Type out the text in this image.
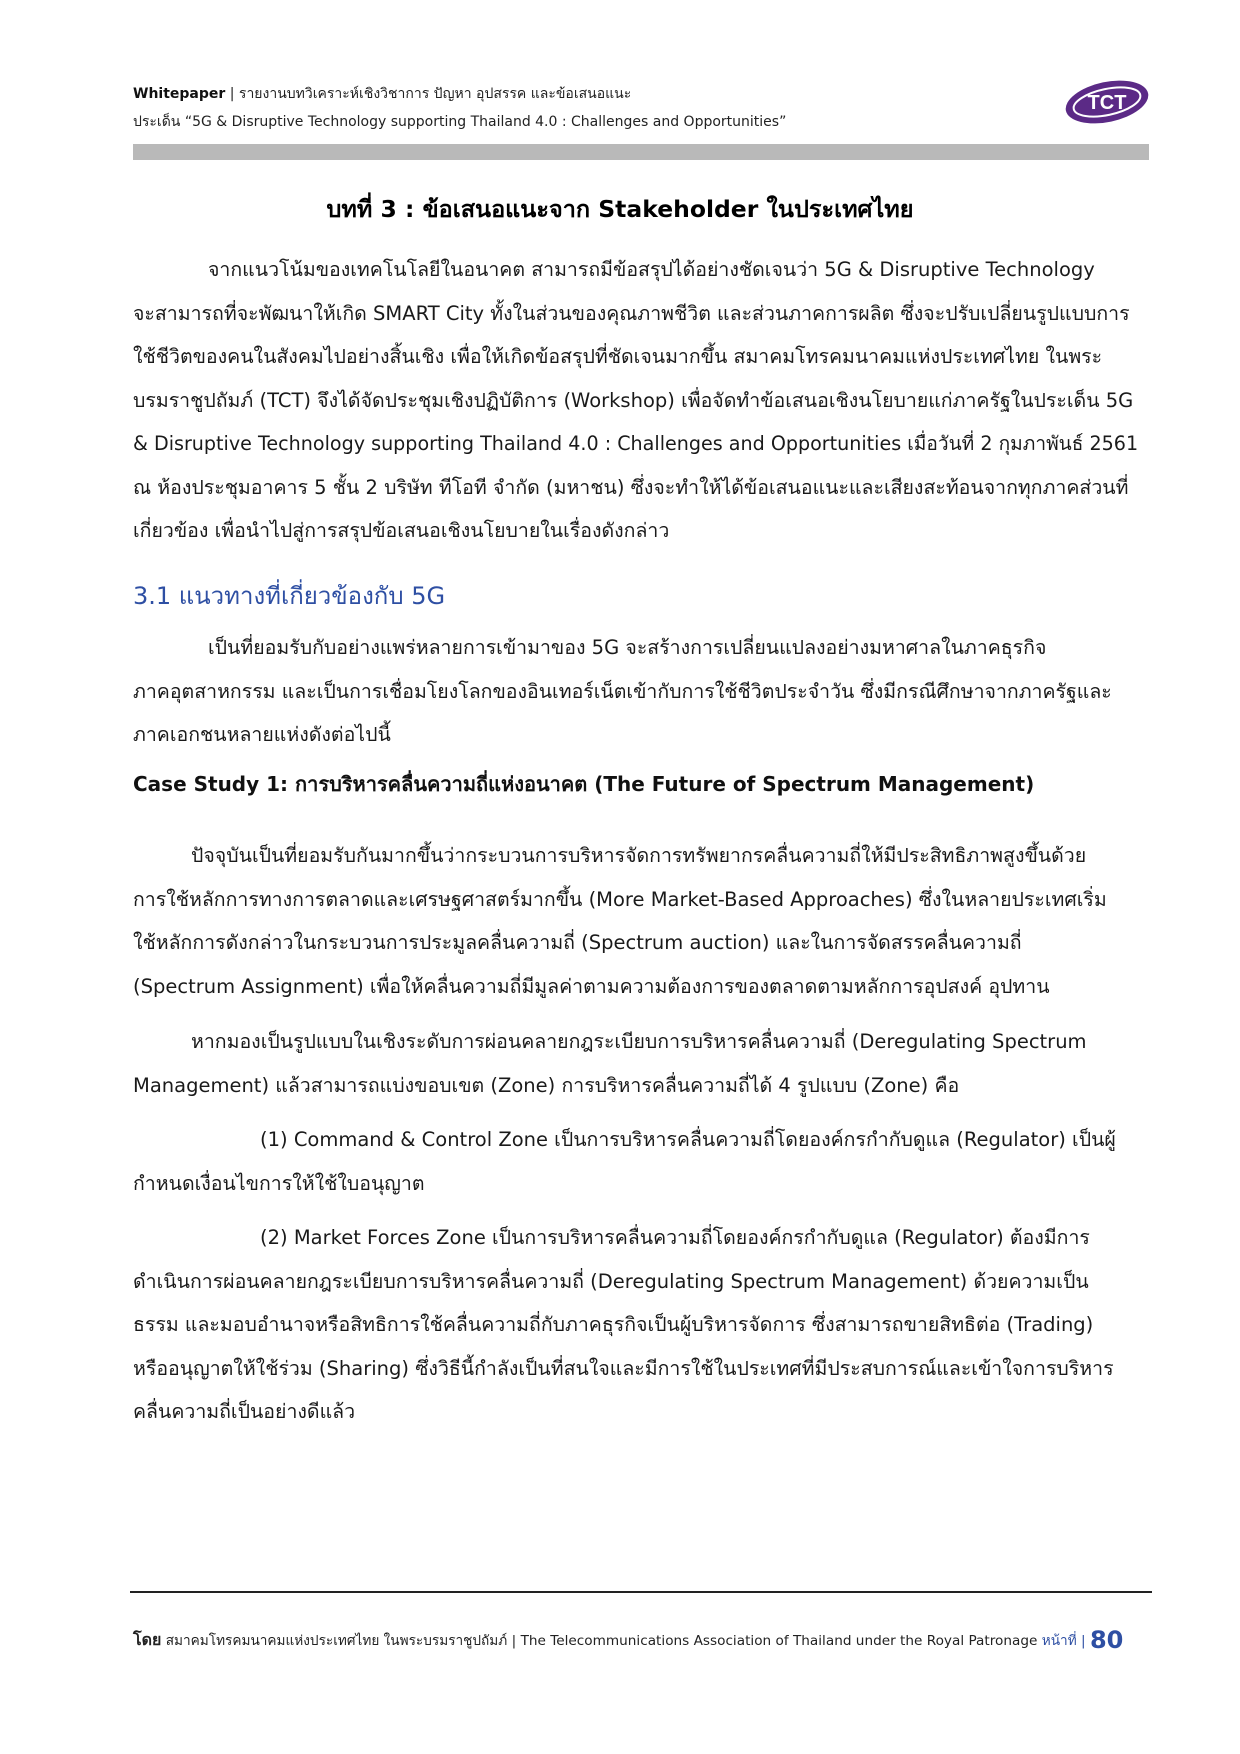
Whitepaper | รายงานบทวิเคราะห์เชิงวิชาการ ปัญหา อุปสรรค และข้อเสนอแนะ
ประเด็น “5G & Disruptive Technology supporting Thailand 4.0 : Challenges and Opportunities”
TCT
บทที่ 3 : ข้อเสนอแนะจาก Stakeholder ในประเทศไทย
จากแนวโน้มของเทคโนโลยีในอนาคต สามารถมีข้อสรุปได้อย่างชัดเจนว่า 5G & Disruptive Technology
จะสามารถที่จะพัฒนาให้เกิด SMART City ทั้งในส่วนของคุณภาพชีวิต และส่วนภาคการผลิต ซึ่งจะปรับเปลี่ยนรูปแบบการ
ใช้ชีวิตของคนในสังคมไปอย่างสิ้นเชิง เพื่อให้เกิดข้อสรุปที่ชัดเจนมากขึ้น สมาคมโทรคมนาคมแห่งประเทศไทย ในพระ
บรมราชูปถัมภ์ (TCT) จึงได้จัดประชุมเชิงปฏิบัติการ (Workshop) เพื่อจัดทำข้อเสนอเชิงนโยบายแก่ภาครัฐในประเด็น 5G
& Disruptive Technology supporting Thailand 4.0 : Challenges and Opportunities เมื่อวันที่ 2 กุมภาพันธ์ 2561
ณ ห้องประชุมอาคาร 5 ชั้น 2 บริษัท ทีโอที จำกัด (มหาชน) ซึ่งจะทำให้ได้ข้อเสนอแนะและเสียงสะท้อนจากทุกภาคส่วนที่
เกี่ยวข้อง เพื่อนำไปสู่การสรุปข้อเสนอเชิงนโยบายในเรื่องดังกล่าว
3.1 แนวทางที่เกี่ยวข้องกับ 5G
เป็นที่ยอมรับกับอย่างแพร่หลายการเข้ามาของ 5G จะสร้างการเปลี่ยนแปลงอย่างมหาศาลในภาคธุรกิจ
ภาคอุตสาหกรรม และเป็นการเชื่อมโยงโลกของอินเทอร์เน็ตเข้ากับการใช้ชีวิตประจำวัน ซึ่งมีกรณีศึกษาจากภาครัฐและ
ภาคเอกชนหลายแห่งดังต่อไปนี้
Case Study 1: การบริหารคลื่นความถี่แห่งอนาคต (The Future of Spectrum Management)
ปัจจุบันเป็นที่ยอมรับกันมากขึ้นว่ากระบวนการบริหารจัดการทรัพยากรคลื่นความถี่ให้มีประสิทธิภาพสูงขึ้นด้วย
การใช้หลักการทางการตลาดและเศรษฐศาสตร์มากขึ้น (More Market-Based Approaches) ซึ่งในหลายประเทศเริ่ม
ใช้หลักการดังกล่าวในกระบวนการประมูลคลื่นความถี่ (Spectrum auction) และในการจัดสรรคลื่นความถี่
(Spectrum Assignment) เพื่อให้คลื่นความถี่มีมูลค่าตามความต้องการของตลาดตามหลักการอุปสงค์ อุปทาน
หากมองเป็นรูปแบบในเชิงระดับการผ่อนคลายกฎระเบียบการบริหารคลื่นความถี่ (Deregulating Spectrum
Management) แล้วสามารถแบ่งขอบเขต (Zone) การบริหารคลื่นความถี่ได้ 4 รูปแบบ (Zone) คือ
(1) Command & Control Zone เป็นการบริหารคลื่นความถี่โดยองค์กรกำกับดูแล (Regulator) เป็นผู้
กำหนดเงื่อนไขการให้ใช้ใบอนุญาต
(2) Market Forces Zone เป็นการบริหารคลื่นความถี่โดยองค์กรกำกับดูแล (Regulator) ต้องมีการ
ดำเนินการผ่อนคลายกฎระเบียบการบริหารคลื่นความถี่ (Deregulating Spectrum Management) ด้วยความเป็น
ธรรม และมอบอำนาจหรือสิทธิการใช้คลื่นความถี่กับภาคธุรกิจเป็นผู้บริหารจัดการ ซึ่งสามารถขายสิทธิต่อ (Trading)
หรืออนุญาตให้ใช้ร่วม (Sharing) ซึ่งวิธีนี้กำลังเป็นที่สนใจและมีการใช้ในประเทศที่มีประสบการณ์และเข้าใจการบริหาร
คลื่นความถี่เป็นอย่างดีแล้ว
โดย สมาคมโทรคมนาคมแห่งประเทศไทย ในพระบรมราชูปถัมภ์ | The Telecommunications Association of Thailand under the Royal Patronage หน้าที่ | 80
